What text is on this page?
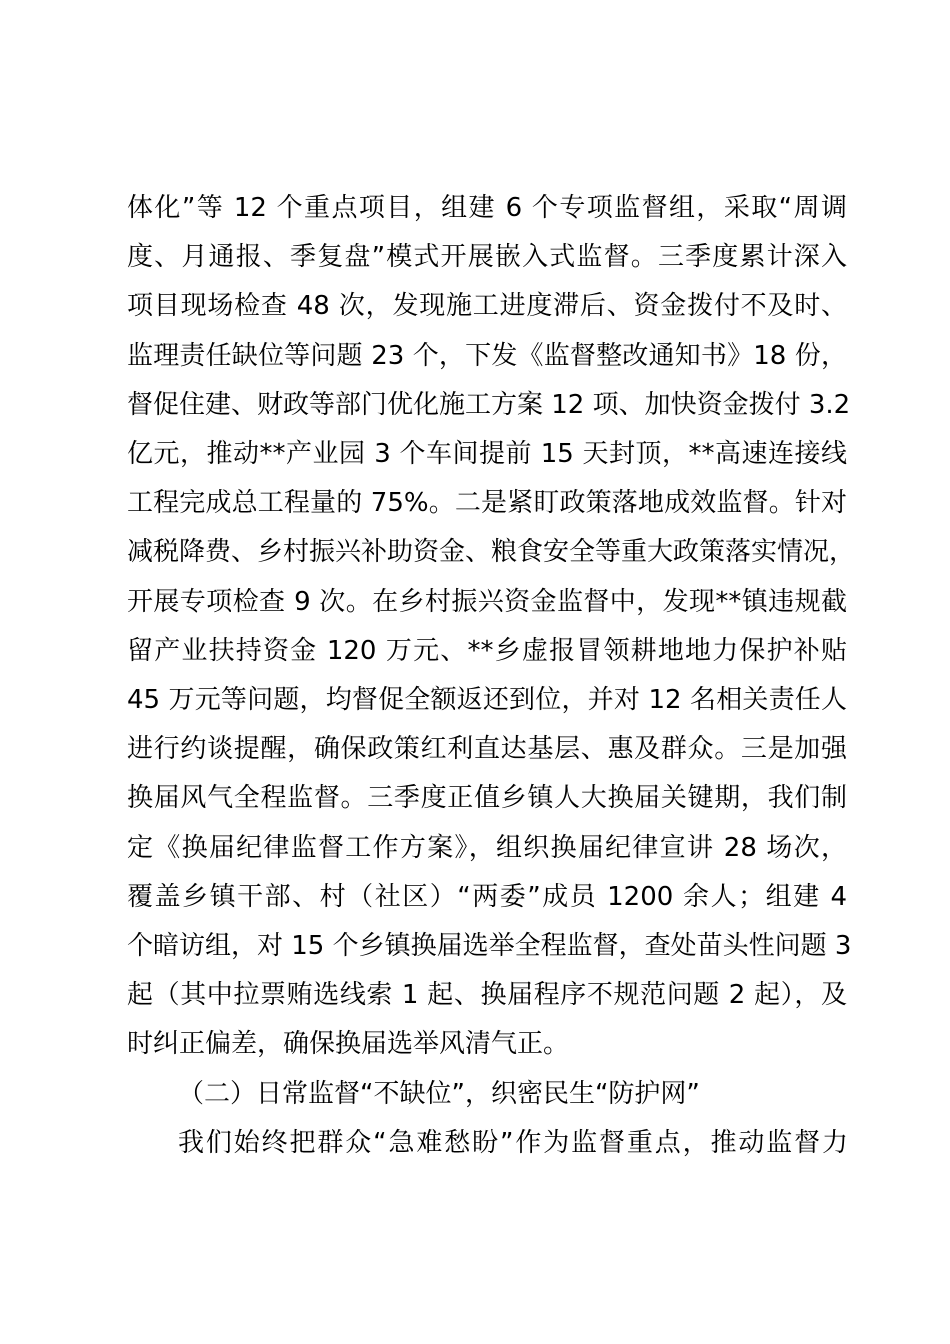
体化”等 12 个重点项目，组建 6 个专项监督组，采取“周调
度、月通报、季复盘”模式开展嵌入式监督。三季度累计深入
项目现场检查 48 次，发现施工进度滞后、资金拨付不及时、
监理责任缺位等问题 23 个，下发《监督整改通知书》18 份，
督促住建、财政等部门优化施工方案 12 项、加快资金拨付 3.2
亿元，推动**产业园 3 个车间提前 15 天封顶，**高速连接线
工程完成总工程量的 75%。二是紧盯政策落地成效监督。针对
减税降费、乡村振兴补助资金、粮食安全等重大政策落实情况，
开展专项检查 9 次。在乡村振兴资金监督中，发现**镇违规截
留产业扶持资金 120 万元、**乡虚报冒领耕地地力保护补贴
45 万元等问题，均督促全额返还到位，并对 12 名相关责任人
进行约谈提醒，确保政策红利直达基层、惠及群众。三是加强
换届风气全程监督。三季度正值乡镇人大换届关键期，我们制
定《换届纪律监督工作方案》，组织换届纪律宣讲 28 场次，
覆盖乡镇干部、村（社区）“两委”成员 1200 余人；组建 4
个暗访组，对 15 个乡镇换届选举全程监督，查处苗头性问题 3
起（其中拉票贿选线索 1 起、换届程序不规范问题 2 起），及
时纠正偏差，确保换届选举风清气正。
（二）日常监督“不缺位”，织密民生“防护网”
我们始终把群众“急难愁盼”作为监督重点，推动监督力
